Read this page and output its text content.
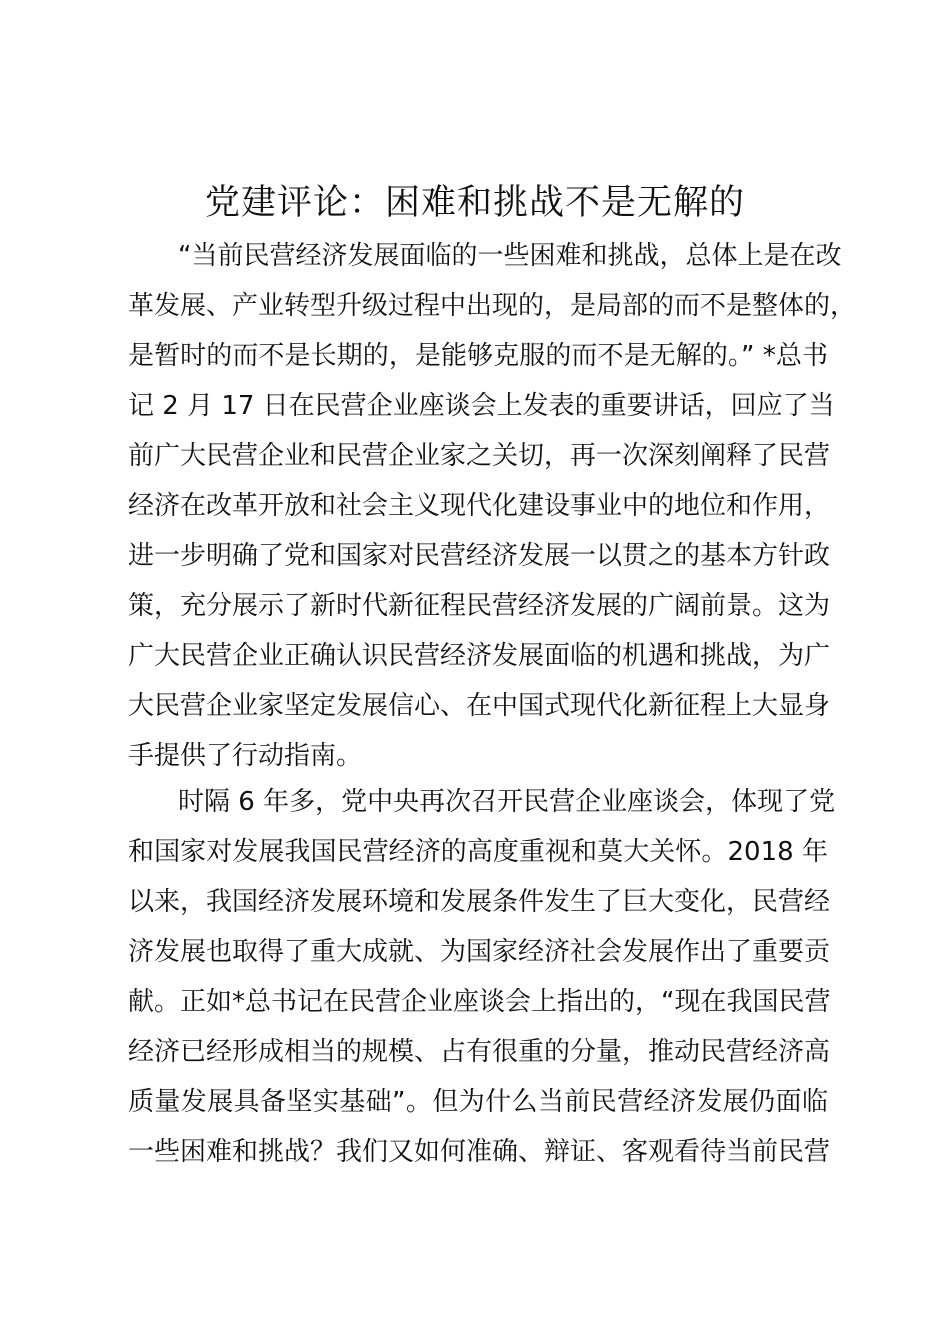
党建评论：困难和挑战不是无解的
“当前民营经济发展面临的一些困难和挑战，总体上是在改
革发展、产业转型升级过程中出现的，是局部的而不是整体的，
是暂时的而不是长期的，是能够克服的而不是无解的。” *总书
记 2 月 17 日在民营企业座谈会上发表的重要讲话，回应了当
前广大民营企业和民营企业家之关切，再一次深刻阐释了民营
经济在改革开放和社会主义现代化建设事业中的地位和作用，
进一步明确了党和国家对民营经济发展一以贯之的基本方针政
策，充分展示了新时代新征程民营经济发展的广阔前景。这为
广大民营企业正确认识民营经济发展面临的机遇和挑战，为广
大民营企业家坚定发展信心、在中国式现代化新征程上大显身
手提供了行动指南。
时隔 6 年多，党中央再次召开民营企业座谈会，体现了党
和国家对发展我国民营经济的高度重视和莫大关怀。2018 年
以来，我国经济发展环境和发展条件发生了巨大变化，民营经
济发展也取得了重大成就、为国家经济社会发展作出了重要贡
献。正如*总书记在民营企业座谈会上指出的，“现在我国民营
经济已经形成相当的规模、占有很重的分量，推动民营经济高
质量发展具备坚实基础”。但为什么当前民营经济发展仍面临
一些困难和挑战？我们又如何准确、辩证、客观看待当前民营
